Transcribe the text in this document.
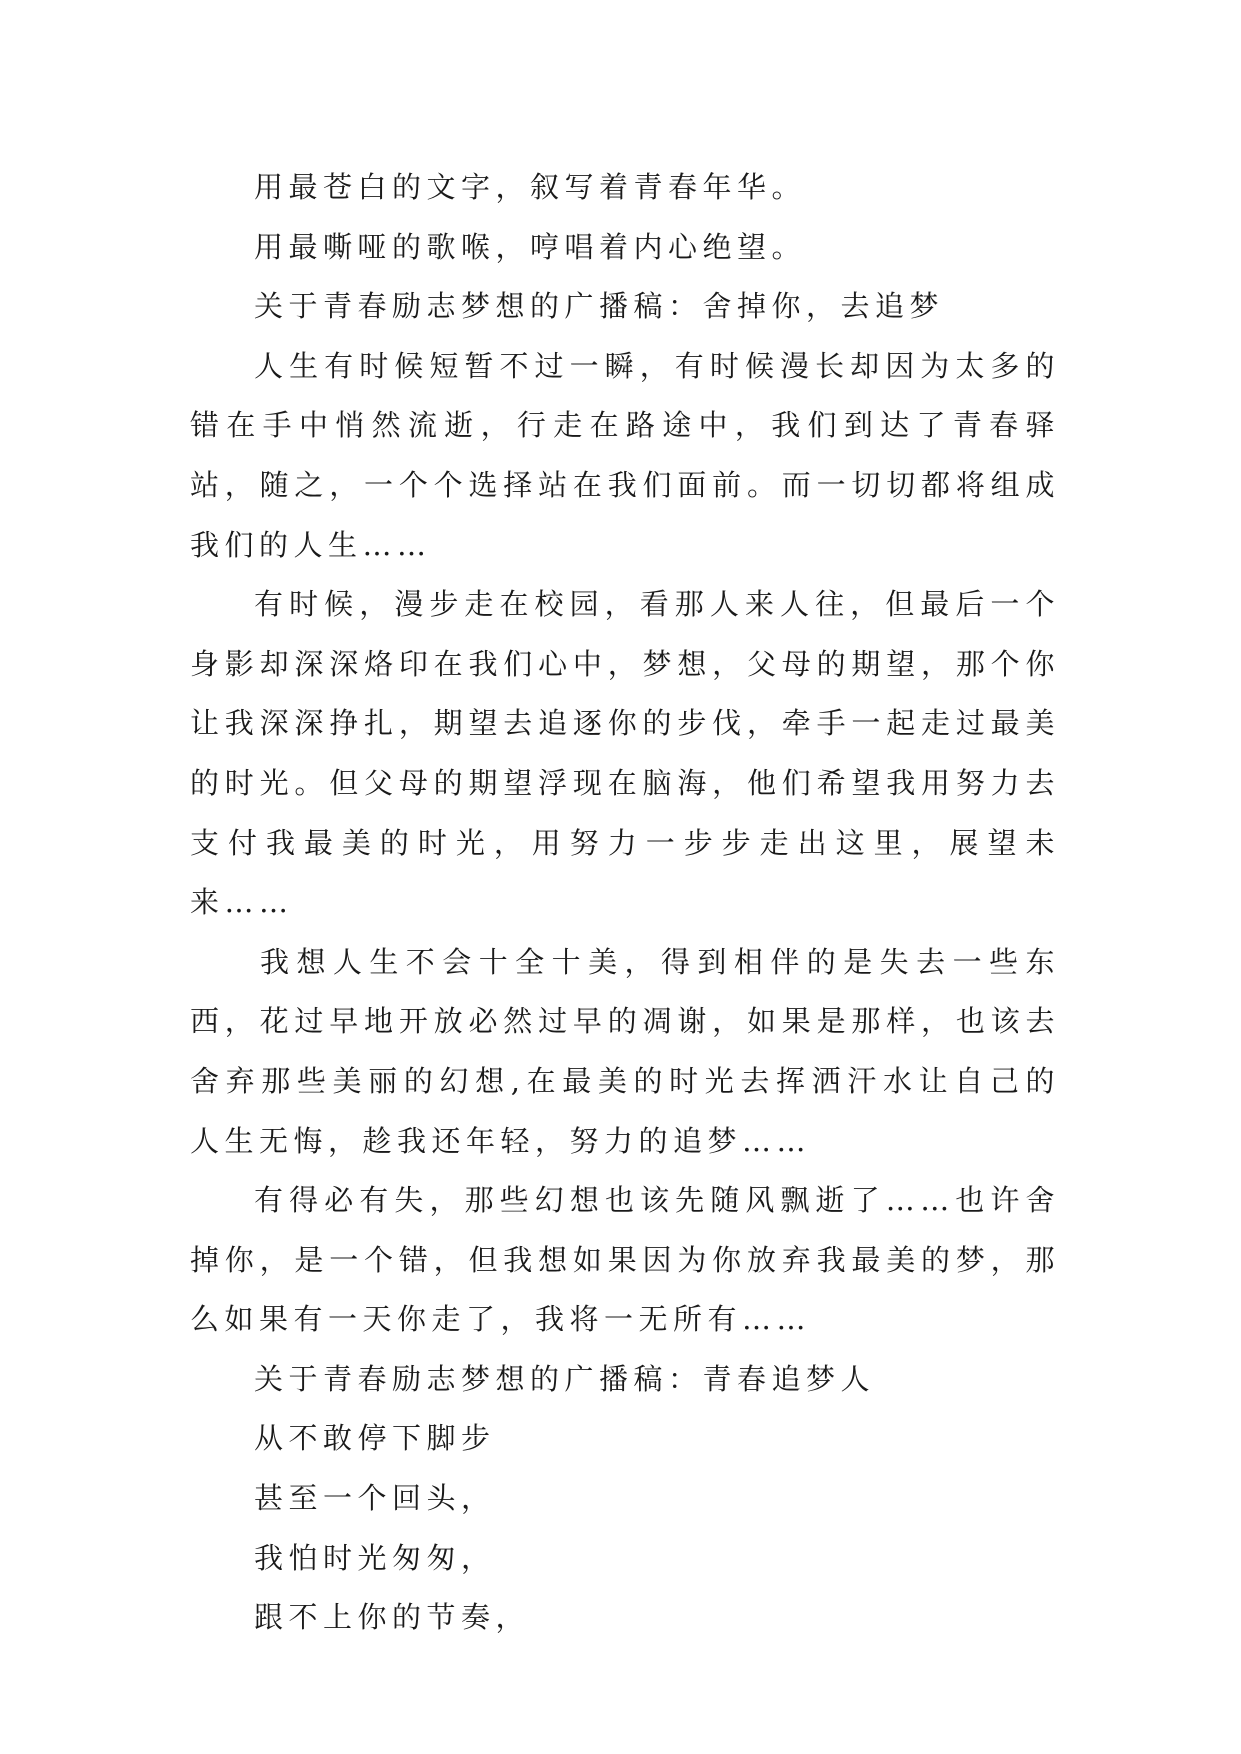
用最苍白的文字，叙写着青春年华。

用最嘶哑的歌喉，哼唱着内心绝望。

关于青春励志梦想的广播稿：舍掉你，去追梦

人生有时候短暂不过一瞬，有时候漫长却因为太多的错在手中悄然流逝，行走在路途中，我们到达了青春驿站，随之，一个个选择站在我们面前。而一切切都将组成我们的人生……

有时候，漫步走在校园，看那人来人往，但最后一个身影却深深烙印在我们心中，梦想，父母的期望，那个你让我深深挣扎，期望去追逐你的步伐，牵手一起走过最美的时光。但父母的期望浮现在脑海，他们希望我用努力去支付我最美的时光，用努力一步步走出这里，展望未来……

我想人生不会十全十美，得到相伴的是失去一些东西，花过早地开放必然过早的凋谢，如果是那样，也该去舍弃那些美丽的幻想,在最美的时光去挥洒汗水让自己的人生无悔，趁我还年轻，努力的追梦……

有得必有失，那些幻想也该先随风飘逝了……也许舍掉你，是一个错，但我想如果因为你放弃我最美的梦，那么如果有一天你走了，我将一无所有……

关于青春励志梦想的广播稿：青春追梦人

从不敢停下脚步

甚至一个回头，

我怕时光匆匆，

跟不上你的节奏，
